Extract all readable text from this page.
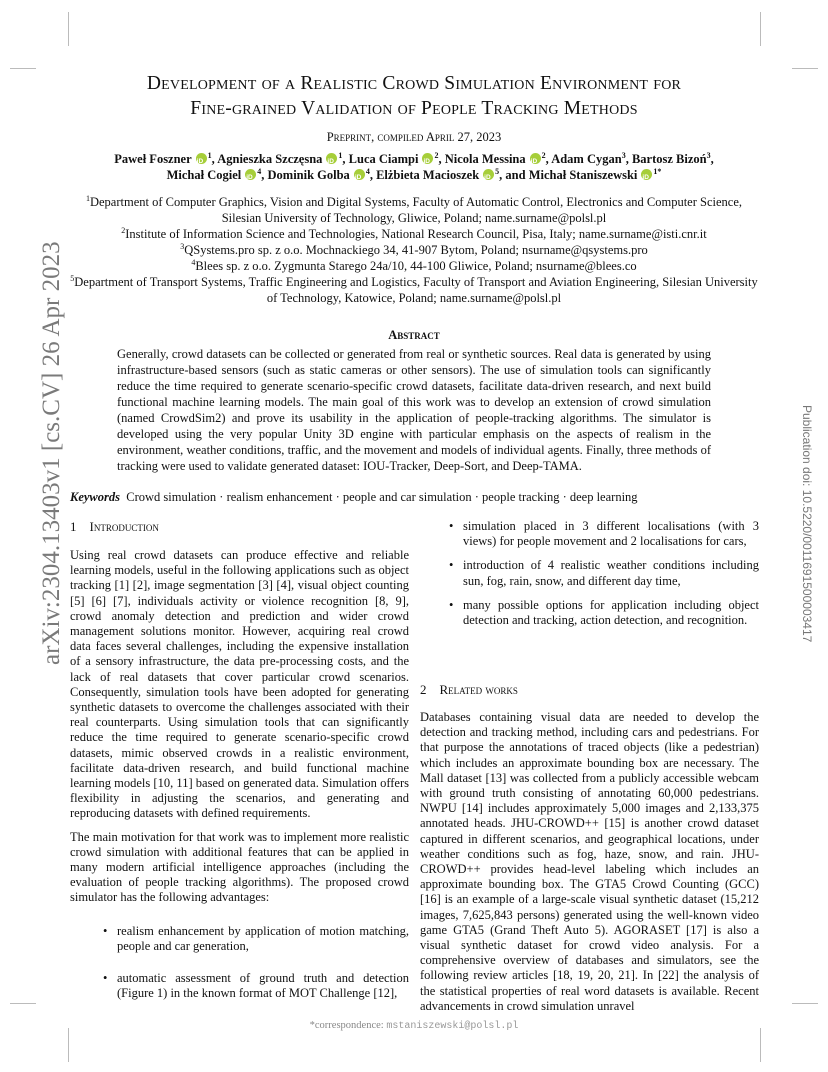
arXiv:2304.13403v1 [cs.CV] 26 Apr 2023	Publication doi: 10.5220/0011691500003417
Development of a Realistic Crowd Simulation Environment for
Fine-grained Validation of People Tracking Methods
Preprint, compiled April 27, 2023
Paweł Foszner iD $^1$, Agnieszka Szczęsna iD $^1$, Luca Ciampi iD $^2$, Nicola Messina iD $^2$, Adam Cygan$^3$, Bartosz Bizoń$^3$,
Michał Cogiel iD $^4$, Dominik Golba iD $^4$, Elżbieta Macioszek iD $^5$, and Michał Staniszewski iD $^{1*}$
$^1$Department of Computer Graphics, Vision and Digital Systems, Faculty of Automatic Control, Electronics and Computer Science, Silesian University of Technology, Gliwice, Poland; name.surname@polsl.pl
$^2$Institute of Information Science and Technologies, National Research Council, Pisa, Italy; name.surname@isti.cnr.it
$^3$QSystems.pro sp. z o.o. Mochnackiego 34, 41-907 Bytom, Poland; nsurname@qsystems.pro
$^4$Blees sp. z o.o. Zygmunta Starego 24a/10, 44-100 Gliwice, Poland; nsurname@blees.co
$^5$Department of Transport Systems, Traffic Engineering and Logistics, Faculty of Transport and Aviation Engineering, Silesian University of Technology, Katowice, Poland; name.surname@polsl.pl
Abstract
Generally, crowd datasets can be collected or generated from real or synthetic sources. Real data is generated by using infrastructure-based sensors (such as static cameras or other sensors). The use of simulation tools can significantly reduce the time required to generate scenario-specific crowd datasets, facilitate data-driven research, and next build functional machine learning models. The main goal of this work was to develop an extension of crowd simulation (named CrowdSim2) and prove its usability in the application of people-tracking algorithms. The simulator is developed using the very popular Unity 3D engine with particular emphasis on the aspects of realism in the environment, weather conditions, traffic, and the movement and models of individual agents. Finally, three methods of tracking were used to validate generated dataset: IOU-Tracker, Deep-Sort, and Deep-TAMA.
Keywords Crowd simulation · realism enhancement · people and car simulation · people tracking · deep learning
1 Introduction

Using real crowd datasets can produce effective and reliable learning models, useful in the following applications such as object tracking [1] [2], image segmentation [3] [4], visual object counting [5] [6] [7], individuals activity or violence recognition [8, 9], crowd anomaly detection and prediction and wider crowd management solutions monitor. However, acquiring real crowd data faces several challenges, including the expensive installation of a sensory infrastructure, the data pre-processing costs, and the lack of real datasets that cover particular crowd scenarios. Consequently, simulation tools have been adopted for generating synthetic datasets to overcome the challenges associated with their real counterparts. Using simulation tools that can significantly reduce the time required to generate scenario-specific crowd datasets, mimic observed crowds in a realistic environment, facilitate data-driven research, and build functional machine learning models [10, 11] based on generated data. Simulation offers flexibility in adjusting the scenarios, and generating and reproducing datasets with defined requirements.

The main motivation for that work was to implement more realistic crowd simulation with additional features that can be applied in many modern artificial intelligence approaches (including the evaluation of people tracking algorithms). The proposed crowd simulator has the following advantages:

• realism enhancement by application of motion matching, people and car generation,
• automatic assessment of ground truth and detection (Figure 1) in the known format of MOT Challenge [12],
• simulation placed in 3 different localisations (with 3 views) for people movement and 2 localisations for cars,
• introduction of 4 realistic weather conditions including sun, fog, rain, snow, and different day time,
• many possible options for application including object detection and tracking, action detection, and recognition.
2 Related works

Databases containing visual data are needed to develop the detection and tracking method, including cars and pedestrians. For that purpose the annotations of traced objects (like a pedestrian) which includes an approximate bounding box are necessary. The Mall dataset [13] was collected from a publicly accessible webcam with ground truth consisting of annotating 60,000 pedestrians. NWPU [14] includes approximately 5,000 images and 2,133,375 annotated heads. JHU-CROWD++ [15] is another crowd dataset captured in different scenarios, and geographical locations, under weather conditions such as fog, haze, snow, and rain. JHU-CROWD++ provides head-level labeling which includes an approximate bounding box. The GTA5 Crowd Counting (GCC) [16] is an example of a large-scale visual synthetic dataset (15,212 images, 7,625,843 persons) generated using the well-known video game GTA5 (Grand Theft Auto 5). AGORASET [17] is also a visual synthetic dataset for crowd video analysis. For a comprehensive overview of databases and simulators, see the following review articles [18, 19, 20, 21]. In [22] the analysis of the statistical properties of real word datasets is available. Recent advancements in crowd simulation unravel

*correspondence: mstaniszewski@polsl.pl
